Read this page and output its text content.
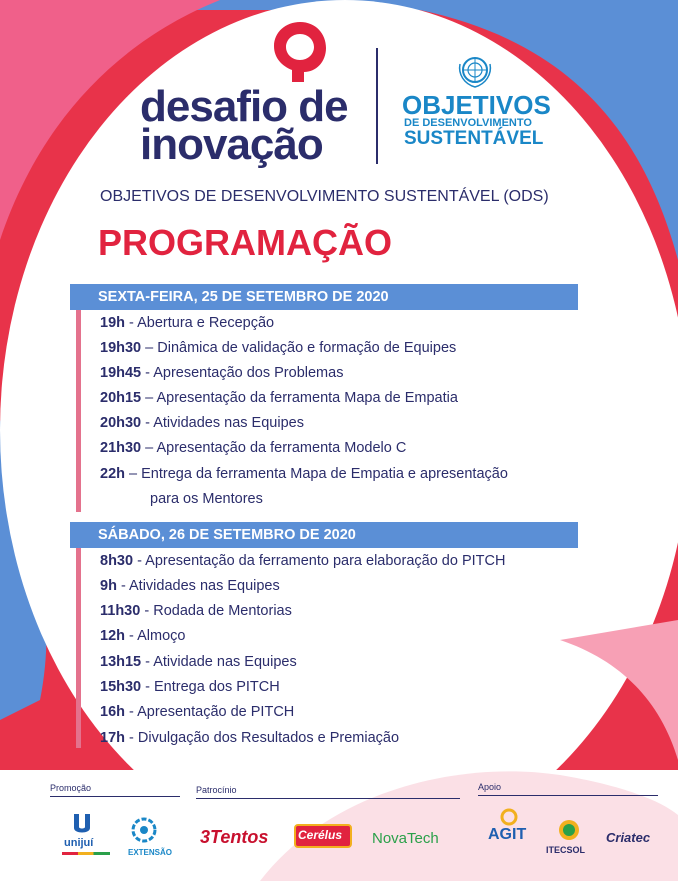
desafio de
inovação
OBJETIVOS
DE DESENVOLVIMENTO
SUSTENTÁVEL
OBJETIVOS DE DESENVOLVIMENTO SUSTENTÁVEL (ODS)
PROGRAMAÇÃO
SEXTA-FEIRA, 25 DE SETEMBRO DE 2020
19h - Abertura e Recepção
19h30 – Dinâmica de validação e formação de Equipes
19h45 - Apresentação dos Problemas
20h15 – Apresentação da ferramenta Mapa de Empatia
20h30 - Atividades nas Equipes
21h30 – Apresentação da ferramenta Modelo C
22h – Entrega da ferramenta Mapa de Empatia e apresentação
para os Mentores
SÁBADO, 26 DE SETEMBRO DE 2020
8h30 - Apresentação da ferramento para elaboração do PITCH
9h - Atividades nas Equipes
11h30 - Rodada de Mentorias
12h - Almoço
13h15 - Atividade nas Equipes
15h30 - Entrega dos PITCH
16h - Apresentação de PITCH
17h - Divulgação dos Resultados e Premiação
Promoção	Patrocínio	Apoio
unijuí
EXTENSÃO
3Tentos Cerélus NovaTech	AGIT
ITECSOL
Criatec
